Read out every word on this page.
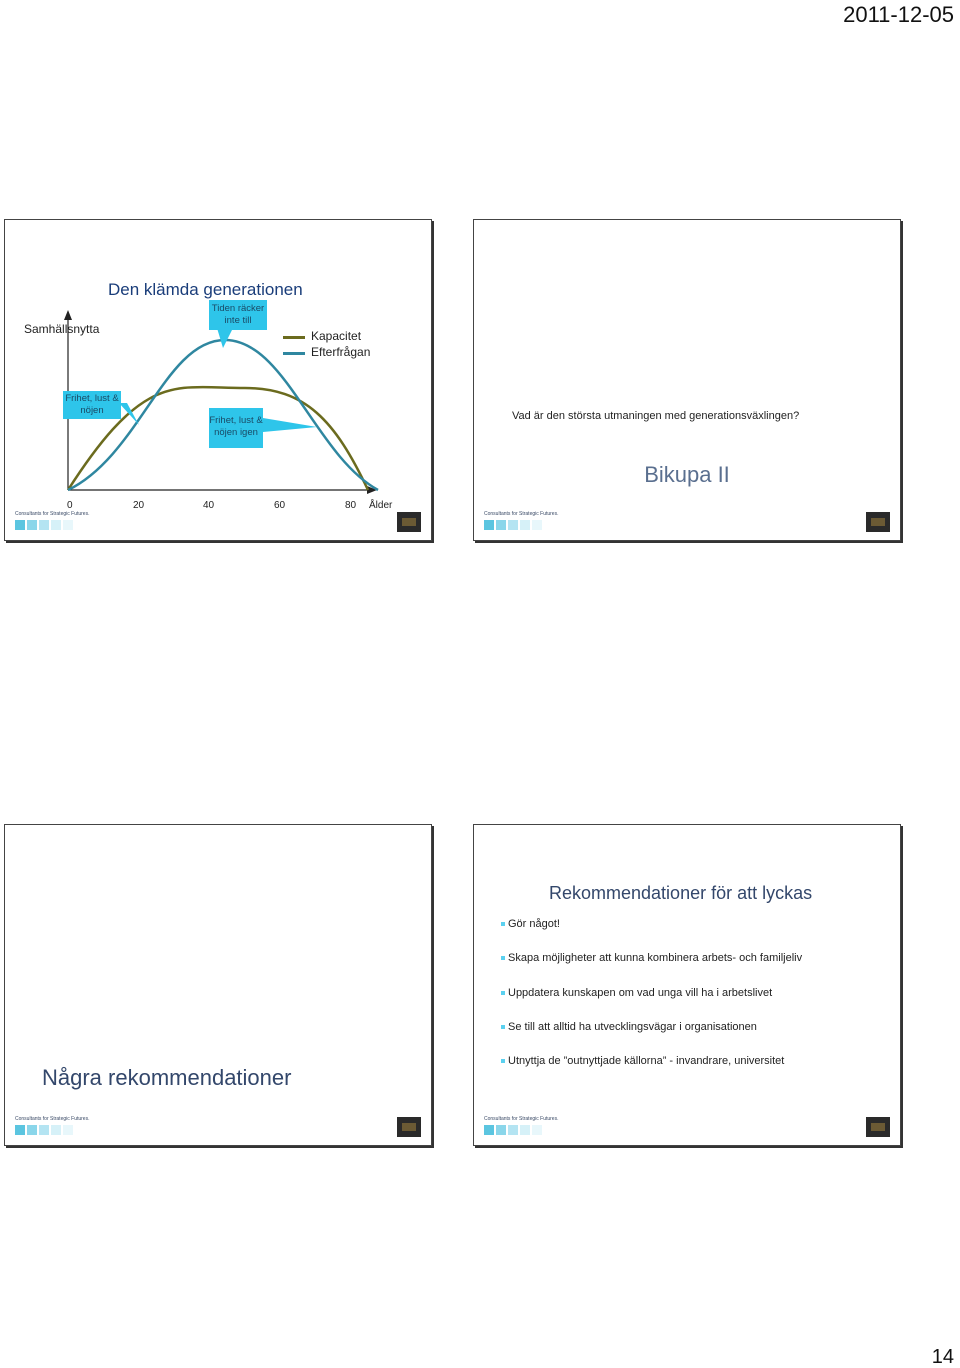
2011-12-05
Den klämda generationen
Samhällsnytta
Tiden räcker inte till
Frihet, lust & nöjen
Frihet, lust & nöjen igen
Kapacitet
Efterfrågan
0	20	40	60	80 Ålder
Consultants for Strategic Futures.
Vad är den största utmaningen med generationsväxlingen?
Bikupa II
Consultants for Strategic Futures.
Några rekommendationer
Consultants for Strategic Futures.
Rekommendationer för att lyckas
Gör något!
Skapa möjligheter att kunna kombinera arbets- och familjeliv
Uppdatera kunskapen om vad unga vill ha i arbetslivet
Se till att alltid ha utvecklingsvägar i organisationen
Utnyttja de ”outnyttjade källorna” - invandrare, universitet
Consultants for Strategic Futures.
14
